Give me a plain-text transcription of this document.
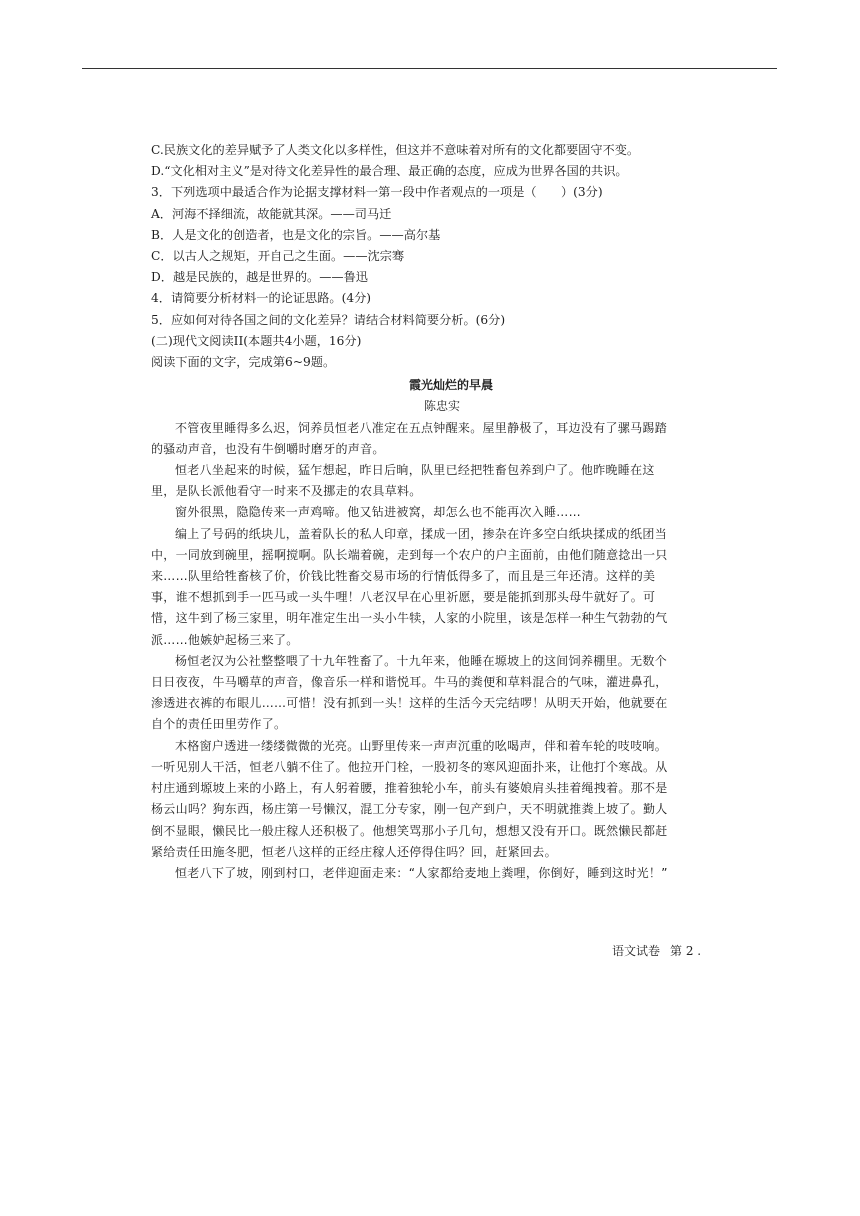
C.民族文化的差异赋予了人类文化以多样性，但这并不意味着对所有的文化都要固守不变。

D.“文化相对主义”是对待文化差异性的最合理、最正确的态度，应成为世界各国的共识。

3．下列选项中最适合作为论据支撑材料一第一段中作者观点的一项是（　　）(3分)

A．河海不择细流，故能就其深。——司马迁

B．人是文化的创造者，也是文化的宗旨。——高尔基

C．以古人之规矩，开自己之生面。——沈宗骞

D．越是民族的，越是世界的。——鲁迅

4．请简要分析材料一的论证思路。(4分)

5．应如何对待各国之间的文化差异？请结合材料简要分析。(6分)

(二)现代文阅读II(本题共4小题，16分)

阅读下面的文字，完成第6~9题。

霞光灿烂的早晨

陈忠实

不管夜里睡得多么迟，饲养员恒老八准定在五点钟醒来。屋里静极了，耳边没有了骡马踢踏的骚动声音，也没有牛倒嚼时磨牙的声音。

恒老八坐起来的时候，猛乍想起，昨日后晌，队里已经把牲畜包养到户了。他昨晚睡在这里，是队长派他看守一时来不及挪走的农具草料。

窗外很黑，隐隐传来一声鸡啼。他又钻进被窝，却怎么也不能再次入睡……

编上了号码的纸块儿，盖着队长的私人印章，揉成一团，掺杂在许多空白纸块揉成的纸团当中，一同放到碗里，摇啊搅啊。队长端着碗，走到每一个农户的户主面前，由他们随意捻出一只来……队里给牲畜核了价，价钱比牲畜交易市场的行情低得多了，而且是三年还清。这样的美事，谁不想抓到手一匹马或一头牛哩！八老汉早在心里祈愿，要是能抓到那头母牛就好了。可惜，这牛到了杨三家里，明年准定生出一头小牛犊，人家的小院里，该是怎样一种生气勃勃的气派……他嫉妒起杨三来了。

杨恒老汉为公社整整喂了十九年牲畜了。十九年来，他睡在塬坡上的这间饲养棚里。无数个日日夜夜，牛马嚼草的声音，像音乐一样和谐悦耳。牛马的粪便和草料混合的气味，灌进鼻孔，渗透进衣裤的布眼儿……可惜！没有抓到一头！这样的生活今天完结啰！从明天开始，他就要在自个的责任田里劳作了。

木格窗户透进一缕缕微微的光亮。山野里传来一声声沉重的吆喝声，伴和着车轮的吱吱响。一听见别人干活，恒老八躺不住了。他拉开门栓，一股初冬的寒风迎面扑来，让他打个寒战。从村庄通到塬坡上来的小路上，有人躬着腰，推着独轮小车，前头有婆娘肩头挂着绳拽着。那不是杨云山吗？狗东西，杨庄第一号懒汉，混工分专家，刚一包产到户，天不明就推粪上坡了。勤人倒不显眼，懒民比一般庄稼人还积极了。他想笑骂那小子几句，想想又没有开口。既然懒民都赶紧给责任田施冬肥，恒老八这样的正经庄稼人还停得住吗？回，赶紧回去。

恒老八下了坡，刚到村口，老伴迎面走来：“人家都给麦地上粪哩，你倒好，睡到这时光！”

语文试卷 第 2 .
